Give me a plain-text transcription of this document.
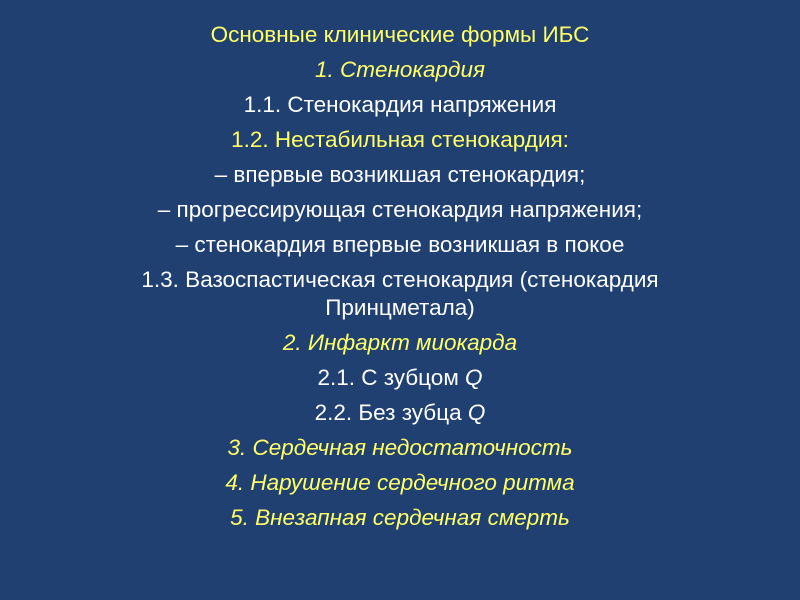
Основные клинические формы ИБС
1. Стенокардия
1.1. Стенокардия напряжения
1.2. Нестабильная стенокардия:
– впервые возникшая стенокардия;
– прогрессирующая стенокардия напряжения;
– стенокардия впервые возникшая в покое
1.3. Вазоспастическая стенокардия (стенокардия Принцметала)
2. Инфаркт миокарда
2.1. С зубцом Q
2.2. Без зубца Q
3. Сердечная недостаточность
4. Нарушение сердечного ритма
5. Внезапная сердечная смерть
